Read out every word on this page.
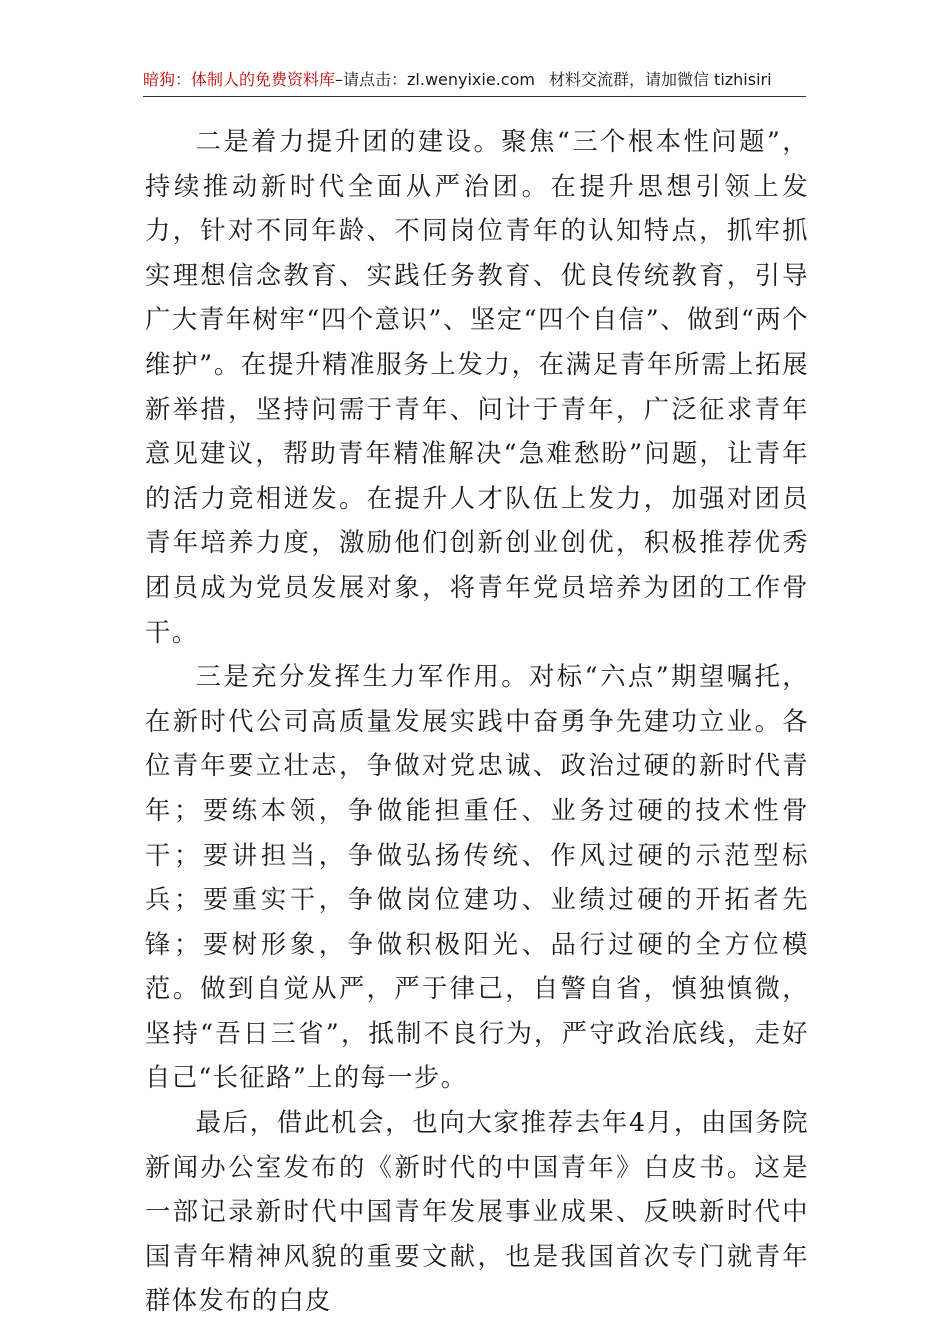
暗狗：体制人的免费资料库–请点击：zl.wenyixie.com 材料交流群，请加微信 tizhisiri

二是着力提升团的建设。聚焦“三个根本性问题”，持续推动新时代全面从严治团。在提升思想引领上发力，针对不同年龄、不同岗位青年的认知特点，抓牢抓实理想信念教育、实践任务教育、优良传统教育，引导广大青年树牢“四个意识”、坚定“四个自信”、做到“两个维护”。在提升精准服务上发力，在满足青年所需上拓展新举措，坚持问需于青年、问计于青年，广泛征求青年意见建议，帮助青年精准解决“急难愁盼”问题，让青年的活力竞相迸发。在提升人才队伍上发力，加强对团员青年培养力度，激励他们创新创业创优，积极推荐优秀团员成为党员发展对象，将青年党员培养为团的工作骨干。

三是充分发挥生力军作用。对标“六点”期望嘱托，在新时代公司高质量发展实践中奋勇争先建功立业。各位青年要立壮志，争做对党忠诚、政治过硬的新时代青年；要练本领，争做能担重任、业务过硬的技术性骨干；要讲担当，争做弘扬传统、作风过硬的示范型标兵；要重实干，争做岗位建功、业绩过硬的开拓者先锋；要树形象，争做积极阳光、品行过硬的全方位模范。做到自觉从严，严于律己，自警自省，慎独慎微，坚持“吾日三省”，抵制不良行为，严守政治底线，走好自己“长征路”上的每一步。

最后，借此机会，也向大家推荐去年4月，由国务院新闻办公室发布的《新时代的中国青年》白皮书。这是一部记录新时代中国青年发展事业成果、反映新时代中国青年精神风貌的重要文献，也是我国首次专门就青年群体发布的白皮
